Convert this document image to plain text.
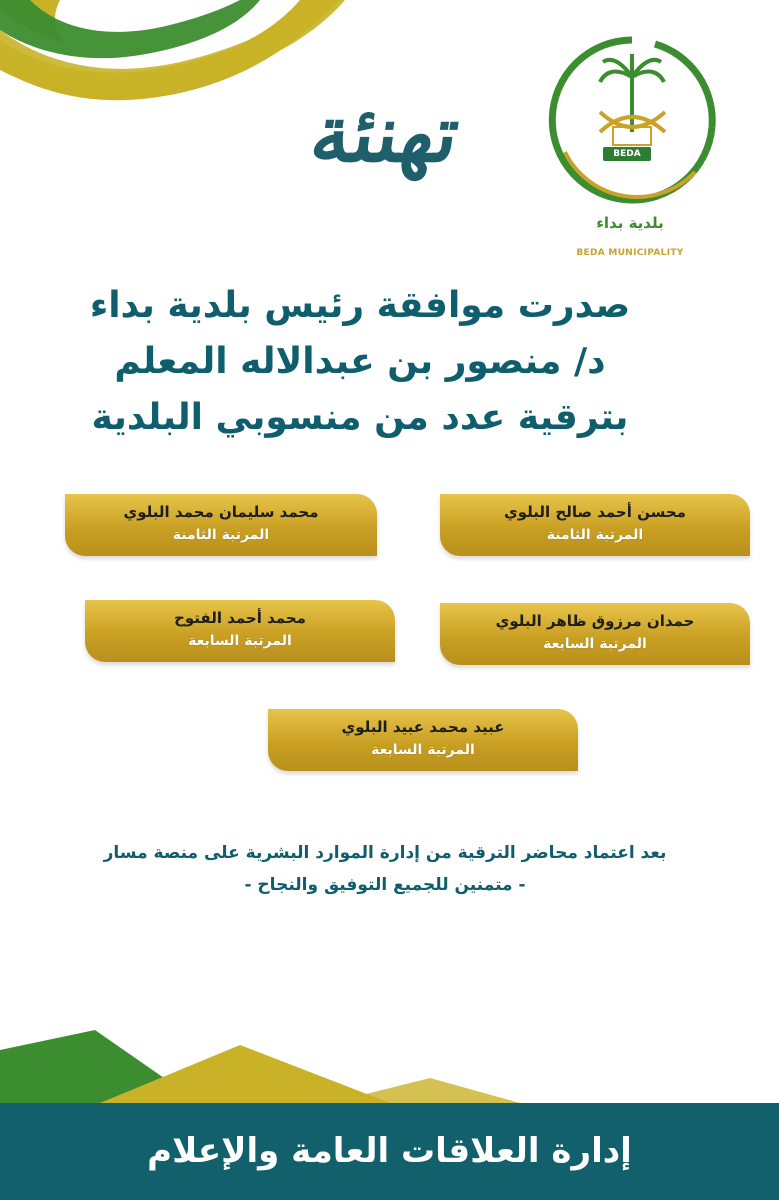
BEDA
بلدية بداء
BEDA MUNICIPALITY
تهنئة
صدرت موافقة رئيس بلدية بداء
د/ منصور بن عبدالاله المعلم
بترقية عدد من منسوبي البلدية
محسن أحمد صالح البلوي
المرتبة الثامنة
محمد سليمان محمد البلوي
المرتبة الثامنة
حمدان مرزوق ظاهر البلوي
المرتبة السابعة
محمد أحمد الفتوح
المرتبة السابعة
عبيد محمد عبيد البلوي
المرتبة السابعة
بعد اعتماد محاضر الترقية من إدارة الموارد البشرية على منصة مسار
- متمنين للجميع التوفيق والنجاح -
إدارة العلاقات العامة والإعلام
